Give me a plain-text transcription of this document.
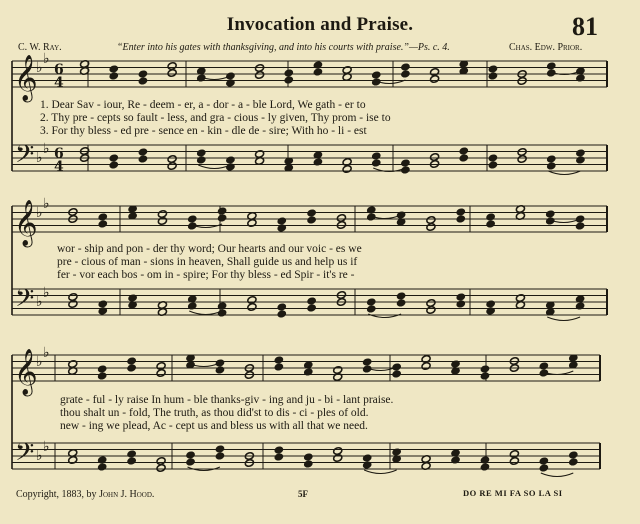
Invocation and Praise.	81
C. W. Ray.	“Enter into his gates with thanksgiving, and into his courts with praise.”—Ps. c. 4.	Chas. Edw. Prior.
𝄞
𝄢
♭
♭
♭
♭
6
4
6
4
𝄞
𝄢
♭
♭
♭
♭
𝄞
𝄢
♭
♭
♭
♭
1. Dear Sav - iour, Re - deem - er, a - dor - a - ble Lord, We gath - er to
2. Thy pre - cepts so fault - less, and gra - cious - ly given, Thy prom - ise to
3. For thy bless - ed pre - sence en - kin - dle de - sire; With ho - li - est
wor - ship and pon - der thy word; Our hearts and our voic - es we
pre - cious of man - sions in heaven, Shall guide us and help us if
fer - vor each bos - om in - spire; For thy bless - ed Spir - it's re -
grate - ful - ly raise In hum - ble thanks-giv - ing and ju - bi - lant praise.
thou shalt un - fold, The truth, as thou did'st to dis - ci - ples of old.
new - ing we plead, Ac - cept us and bless us with all that we need.
Copyright, 1883, by John J. Hood.	5F	DO RE MI FA SO LA SI
